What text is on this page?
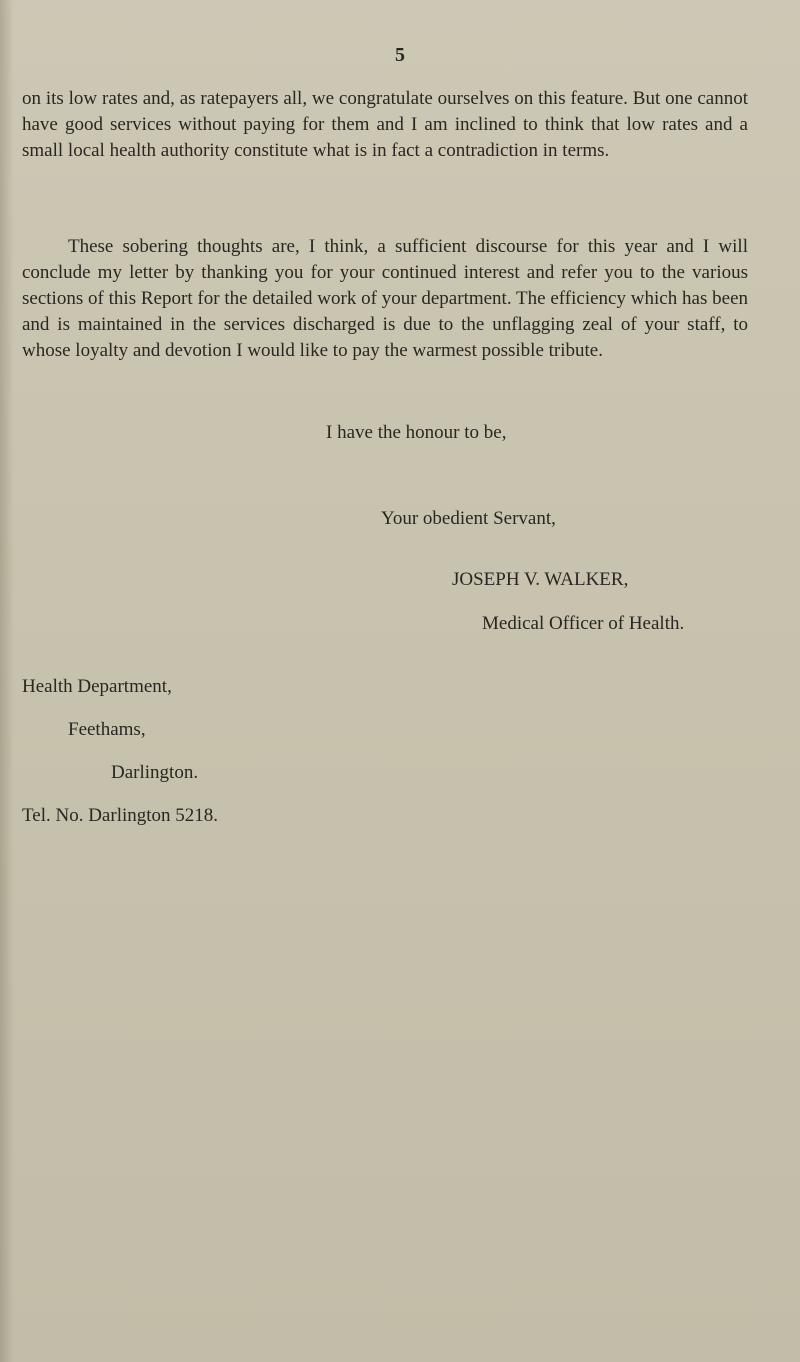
5
on its low rates and, as ratepayers all, we congratulate ourselves on this feature. But one cannot have good services without paying for them and I am inclined to think that low rates and a small local health authority constitute what is in fact a contradiction in terms.
These sobering thoughts are, I think, a sufficient discourse for this year and I will conclude my letter by thanking you for your continued interest and refer you to the various sections of this Report for the detailed work of your department. The efficiency which has been and is maintained in the services discharged is due to the unflagging zeal of your staff, to whose loyalty and devotion I would like to pay the warmest possible tribute.
I have the honour to be,
Your obedient Servant,
JOSEPH V. WALKER,
Medical Officer of Health.
Health Department,
Feethams,
Darlington.
Tel. No. Darlington 5218.
